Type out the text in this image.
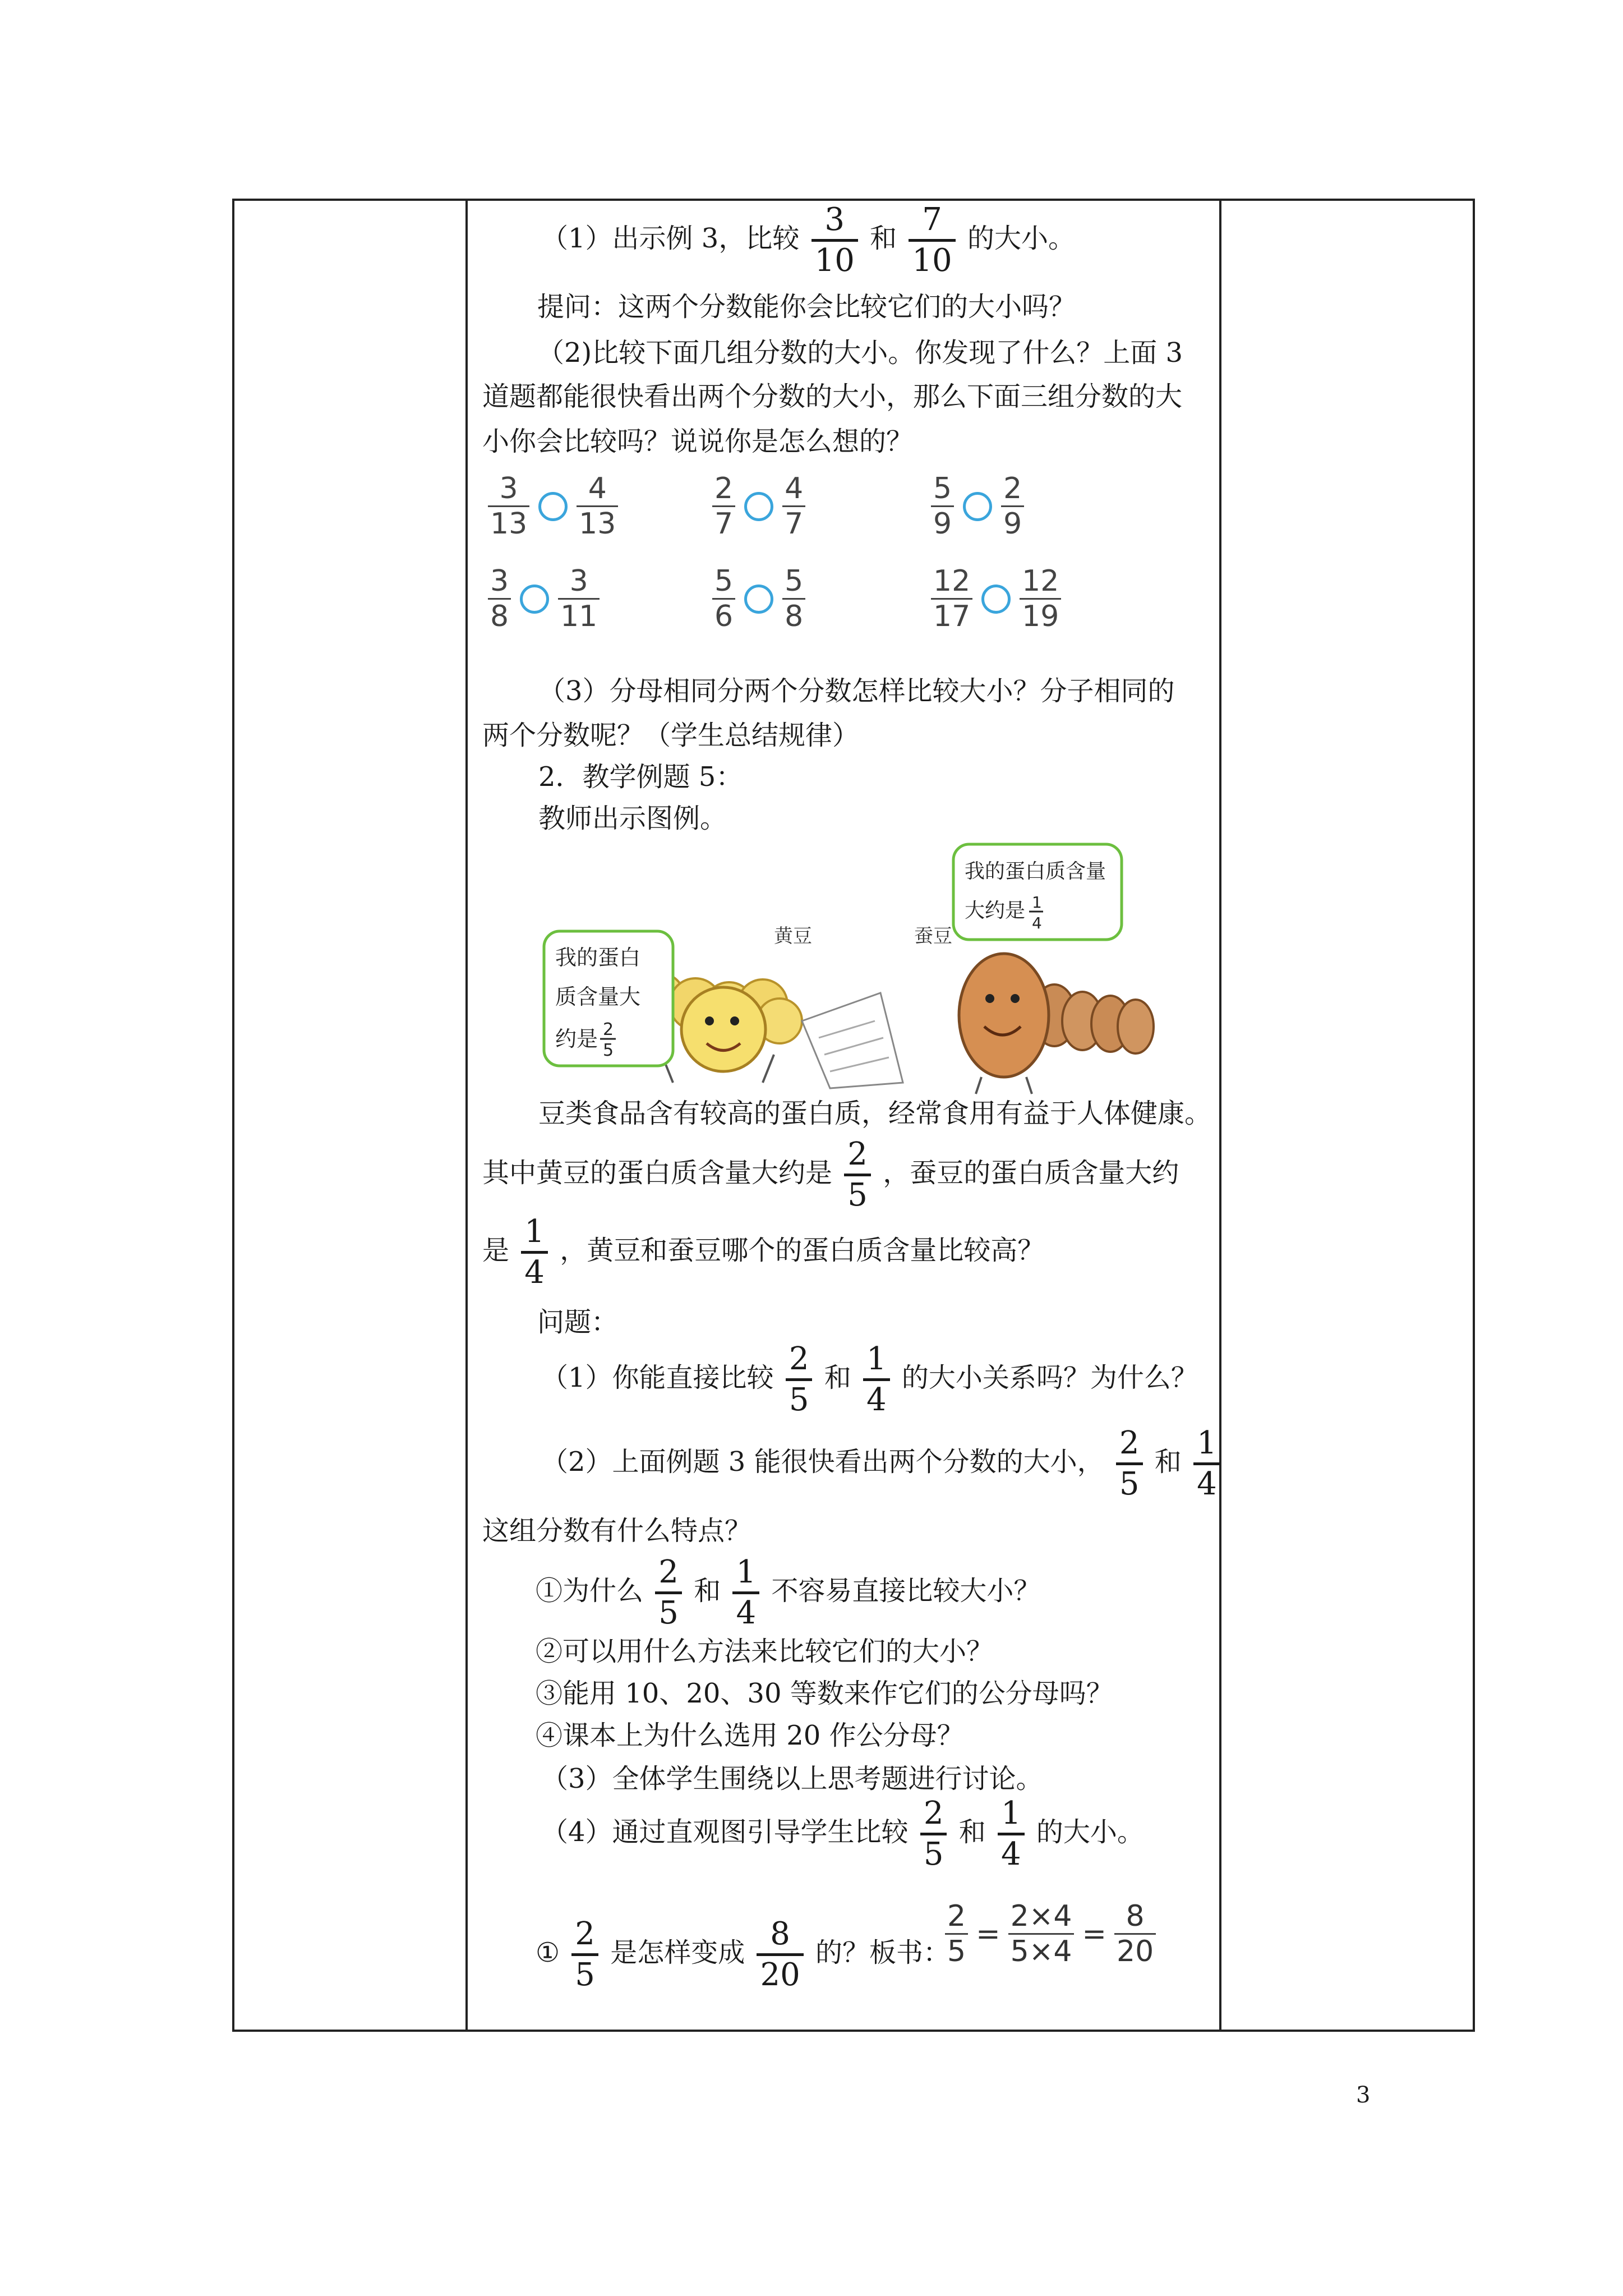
（1）出示例 3，比较 $\frac{3}{10}$ 和 $\frac{7}{10}$ 的大小。
提问：这两个分数能你会比较它们的大小吗？
（2)比较下面几组分数的大小。你发现了什么？上面 3
道题都能很快看出两个分数的大小，那么下面三组分数的大
小你会比较吗？说说你是怎么想的？
3
13
4
13
2
7
4
7
5
9
2
9
3
8
3
11
5
6
5
8
12
17
12
19
（3）分母相同分两个分数怎样比较大小？分子相同的
两个分数呢？（学生总结规律）
2．教学例题 5：
教师出示图例。
黄豆	蚕豆
我的蛋白
质含量大
约是 2
5
我的蛋白质含量
大约是 1
4
豆类食品含有较高的蛋白质，经常食用有益于人体健康。
其中黄豆的蛋白质含量大约是 $\frac{2}{5}$ ，蚕豆的蛋白质含量大约
是 $\frac{1}{4}$ ，黄豆和蚕豆哪个的蛋白质含量比较高？
问题：
（1）你能直接比较 $\frac{2}{5}$ 和 $\frac{1}{4}$ 的大小关系吗？为什么？
（2）上面例题 3 能很快看出两个分数的大小， $\frac{2}{5}$ 和 $\frac{1}{4}$
这组分数有什么特点？
①为什么 $\frac{2}{5}$ 和 $\frac{1}{4}$ 不容易直接比较大小？
②可以用什么方法来比较它们的大小？
③能用 10、20、30 等数来作它们的公分母吗？
④课本上为什么选用 20 作公分母？
（3）全体学生围绕以上思考题进行讨论。
（4）通过直观图引导学生比较 $\frac{2}{5}$ 和 $\frac{1}{4}$ 的大小。
① $\frac{2}{5}$ 是怎样变成 $\frac{8}{20}$ 的？板书：
$\frac{2}{5} = \frac{2\times 4}{5\times 4} = \frac{8}{20}$
3
